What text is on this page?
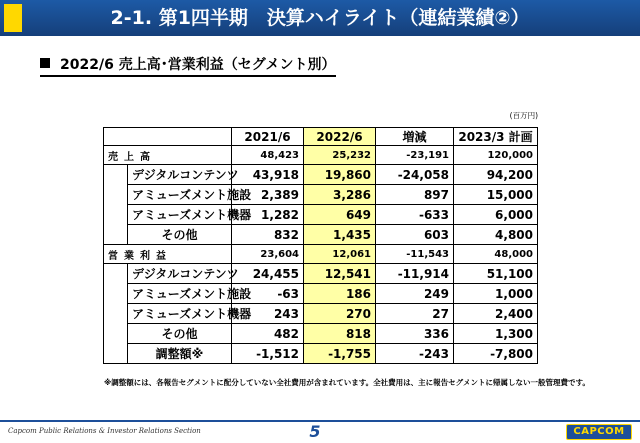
2-1. 第1四半期　決算ハイライト（連結業績②）
2022/6 売上高･営業利益（セグメント別）
(百万円)
		2021/6	2022/6	増減	2023/3 計画
売上高		48,423	25,232	-23,191	120,000
	デジタルコンテンツ	43,918	19,860	-24,058	94,200
	アミューズメント施設	2,389	3,286	897	15,000
	アミューズメント機器	1,282	649	-633	6,000
	その他	832	1,435	603	4,800
営業利益		23,604	12,061	-11,543	48,000
	デジタルコンテンツ	24,455	12,541	-11,914	51,100
	アミューズメント施設	-63	186	249	1,000
	アミューズメント機器	243	270	27	2,400
	その他	482	818	336	1,300
	調整額※	-1,512	-1,755	-243	-7,800
※調整額には、各報告セグメントに配分していない全社費用が含まれています。全社費用は、主に報告セグメントに帰属しない一般管理費です。
Capcom Public Relations & Investor Relations Section	5	CAPCOM
